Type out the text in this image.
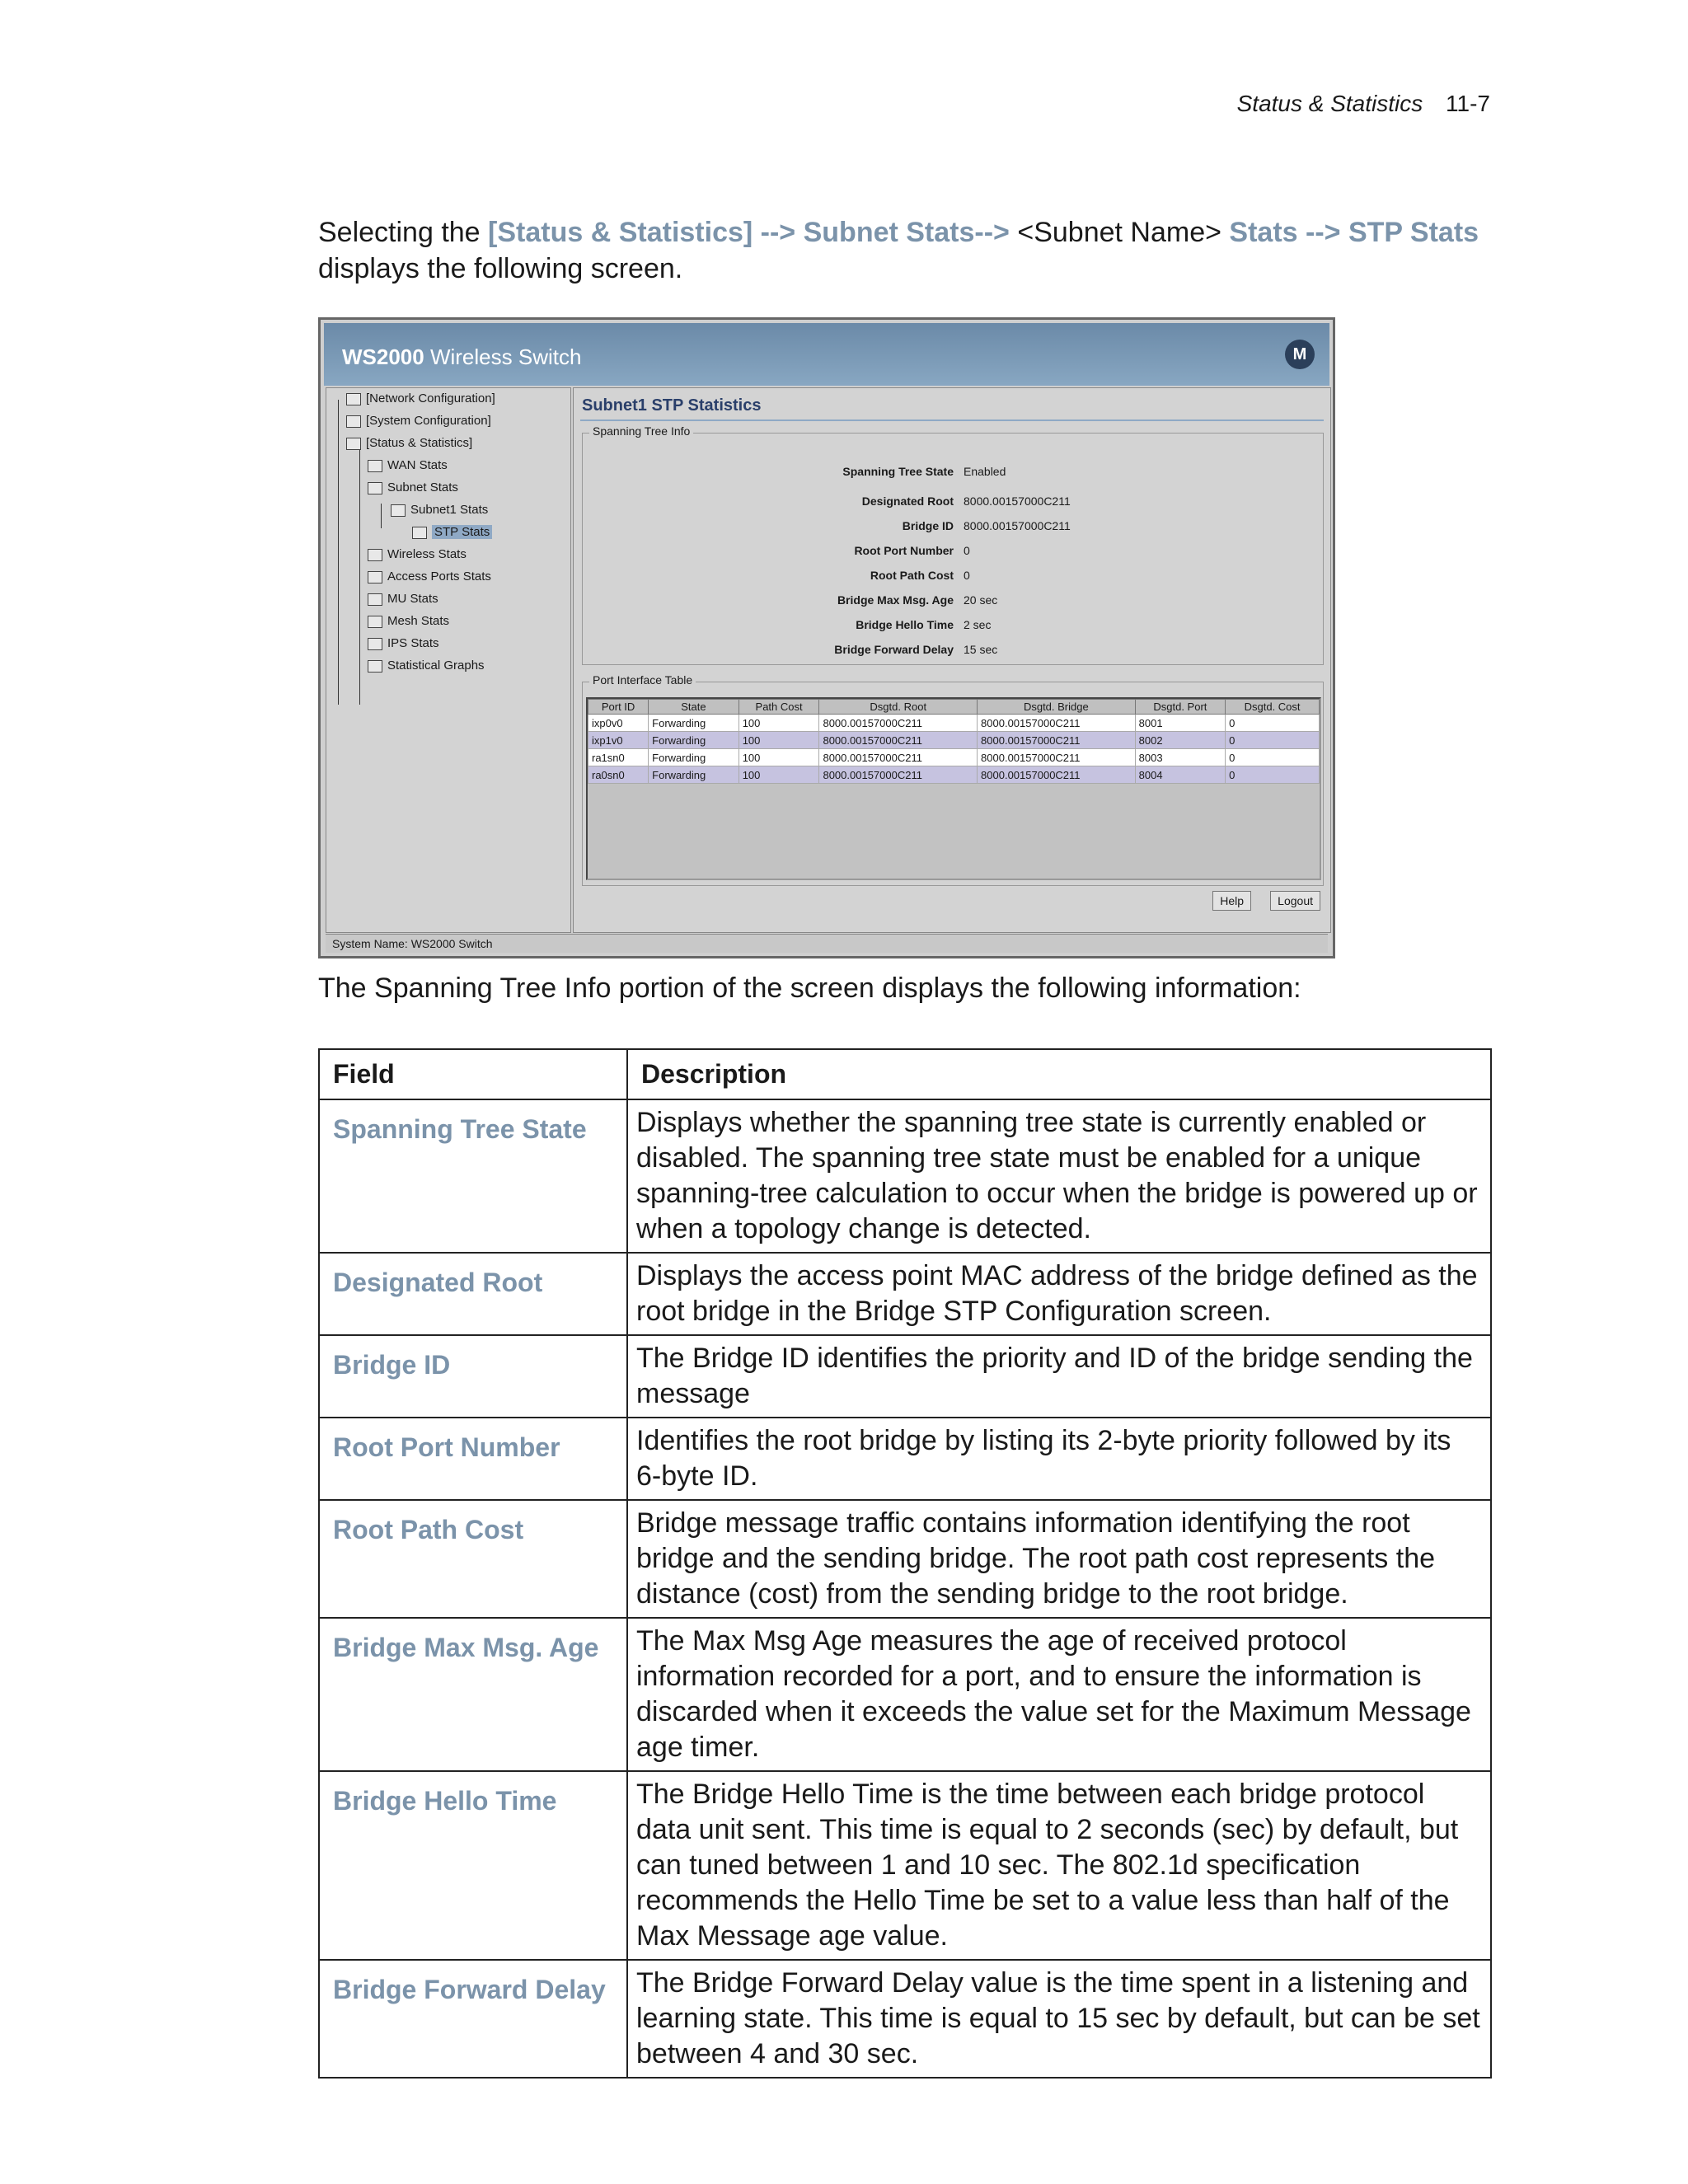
Status & Statistics 11-7
Selecting the [Status & Statistics] --> Subnet Stats--> <Subnet Name> Stats --> STP Stats displays the following screen.
WS2000 Wireless Switch	M
[Network Configuration]
[System Configuration]
[Status & Statistics]
WAN Stats
Subnet Stats
Subnet1 Stats
STP Stats
Wireless Stats
Access Ports Stats
MU Stats
Mesh Stats
IPS Stats
Statistical Graphs
Subnet1 STP Statistics
Spanning Tree Info
Spanning Tree State Enabled
Designated Root 8000.00157000C211
Bridge ID 8000.00157000C211
Root Port Number 0
Root Path Cost 0
Bridge Max Msg. Age 20 sec
Bridge Hello Time 2 sec
Bridge Forward Delay 15 sec
Port Interface Table
Port ID	State	Path Cost	Dsgtd. Root	Dsgtd. Bridge	Dsgtd. Port	Dsgtd. Cost
ixp0v0	Forwarding	100	8000.00157000C211	8000.00157000C211	8001	0
ixp1v0	Forwarding	100	8000.00157000C211	8000.00157000C211	8002	0
ra1sn0	Forwarding	100	8000.00157000C211	8000.00157000C211	8003	0
ra0sn0	Forwarding	100	8000.00157000C211	8000.00157000C211	8004	0
Help	Logout
System Name: WS2000 Switch
The Spanning Tree Info portion of the screen displays the following information:
Field	Description
Spanning Tree State	Displays whether the spanning tree state is currently enabled or disabled. The spanning tree state must be enabled for a unique spanning-tree calculation to occur when the bridge is powered up or when a topology change is detected.
Designated Root	Displays the access point MAC address of the bridge defined as the root bridge in the Bridge STP Configuration screen.
Bridge ID	The Bridge ID identifies the priority and ID of the bridge sending the message
Root Port Number	Identifies the root bridge by listing its 2-byte priority followed by its 6-byte ID.
Root Path Cost	Bridge message traffic contains information identifying the root bridge and the sending bridge. The root path cost represents the distance (cost) from the sending bridge to the root bridge.
Bridge Max Msg. Age	The Max Msg Age measures the age of received protocol information recorded for a port, and to ensure the information is discarded when it exceeds the value set for the Maximum Message age timer.
Bridge Hello Time	The Bridge Hello Time is the time between each bridge protocol data unit sent. This time is equal to 2 seconds (sec) by default, but can tuned between 1 and 10 sec. The 802.1d specification recommends the Hello Time be set to a value less than half of the Max Message age value.
Bridge Forward Delay	The Bridge Forward Delay value is the time spent in a listening and learning state. This time is equal to 15 sec by default, but can be set between 4 and 30 sec.
